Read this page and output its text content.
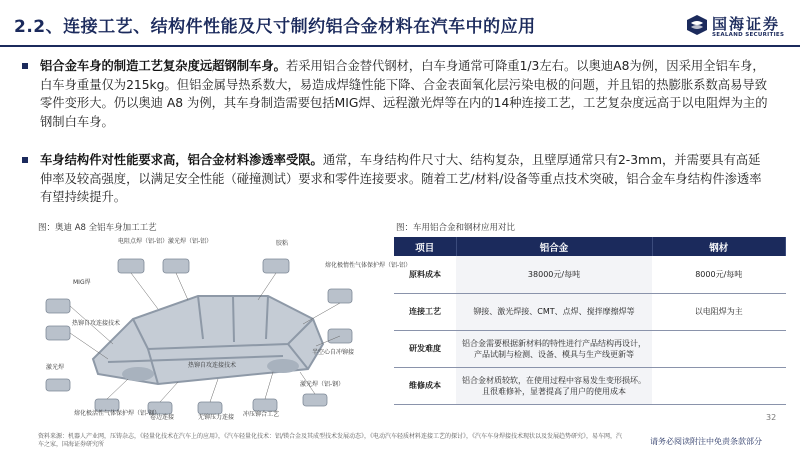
2.2、连接工艺、结构件性能及尺寸制约铝合金材料在汽车中的应用	国海证券
SEALAND SECURITIES
铝合金车身的制造工艺复杂度远超钢制车身。若采用铝合金替代钢材，白车身通常可降重1/3左右。以奥迪A8为例，因采用全铝车身，白车身重量仅为215kg。但铝金属导热系数大，易造成焊缝性能下降、合金表面氧化层污染电极的问题，并且铝的热膨胀系数高易导致零件变形大。仍以奥迪 A8 为例，其车身制造需要包括MIG焊、远程激光焊等在内的14种连接工艺，工艺复杂度远高于以电阻焊为主的钢制白车身。
车身结构件对性能要求高，铝合金材料渗透率受限。通常，车身结构件尺寸大、结构复杂，且壁厚通常只有2-3mm，并需要具有高延伸率及较高强度，以满足安全性能（碰撞测试）要求和零件连接要求。随着工艺/材料/设备等重点技术突破，铝合金车身结构件渗透率有望持续提升。
图：奥迪 A8 全铝车身加工工艺	图：车用铝合金和钢材应用对比
电阻点焊（铝-铝） 激光焊（铝-铝）	胶粘
MIG焊
热铆自攻连接技术
熔化极惰性气体保护焊（铝-铝）
激光焊
熔化极活性气体保护焊（铝-钢）
卷边连接	无铆压力连接 冲压铆合工艺
激光焊（铝-钢）
半空心自冲铆接
热铆自攻连接技术
项目	铝合金	钢材
原料成本	38000元/每吨	8000元/每吨
连接工艺	铆接、激光焊接、CMT、点焊、搅拌摩擦焊等	以电阻焊为主
研发难度	铝合金需要根据新材料的特性进行产品结构再设计，产品试制与检测、设备、模具与生产线更新等	
维修成本	铝合金材质较软，在使用过程中容易发生变形损坏。且很难修补，显著提高了用户的使用成本	
32
资料来源：机器人产业网，压铸杂志，《轻量化技术在汽车上的应用》，《汽车轻量化技术：铝/镁合金及其成型技术发展动态》，《电动汽车轻质材料连接工艺的探讨》，《汽车车身焊接技术现状以及发展趋势研究》，易车网，汽车之家，国海证券研究所	请务必阅读附注中免责条款部分
